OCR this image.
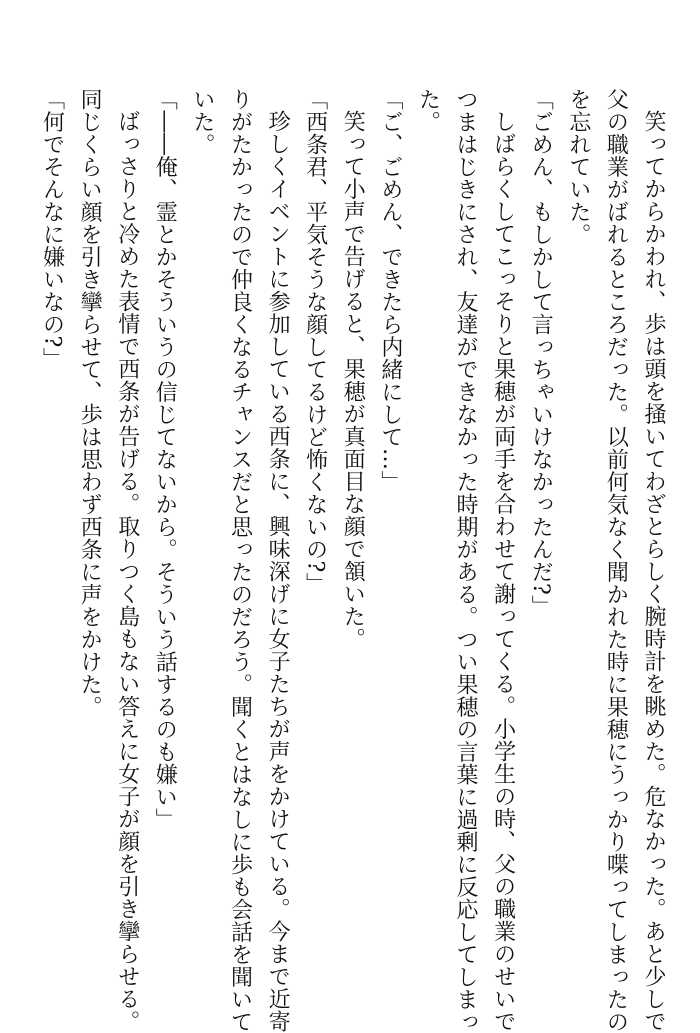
笑ってからかわれ、歩は頭を掻いてわざとらしく腕時計を眺めた。危なかった。あと少しで
父の職業がばれるところだった。以前何気なく聞かれた時に果穂にうっかり喋ってしまったの
を忘れていた。
「ごめん、もしかして言っちゃいけなかったんだ?」
しばらくしてこっそりと果穂が両手を合わせて謝ってくる。小学生の時、父の職業のせいで
つまはじきにされ、友達ができなかった時期がある。つい果穂の言葉に過剰に反応してしまっ
た。
「ご、ごめん、できたら内緒にして…」
笑って小声で告げると、果穂が真面目な顔で頷いた。
「西条君、平気そうな顔してるけど怖くないの?」
珍しくイベントに参加している西条に、興味深げに女子たちが声をかけている。今まで近寄
りがたかったので仲良くなるチャンスだと思ったのだろう。聞くとはなしに歩も会話を聞いて
いた。
「――俺、霊とかそういうの信じてないから。そういう話するのも嫌い」
ばっさりと冷めた表情で西条が告げる。取りつく島もない答えに女子が顔を引き攣らせる。
同じくらい顔を引き攣らせて、歩は思わず西条に声をかけた。
「何でそんなに嫌いなの?」
